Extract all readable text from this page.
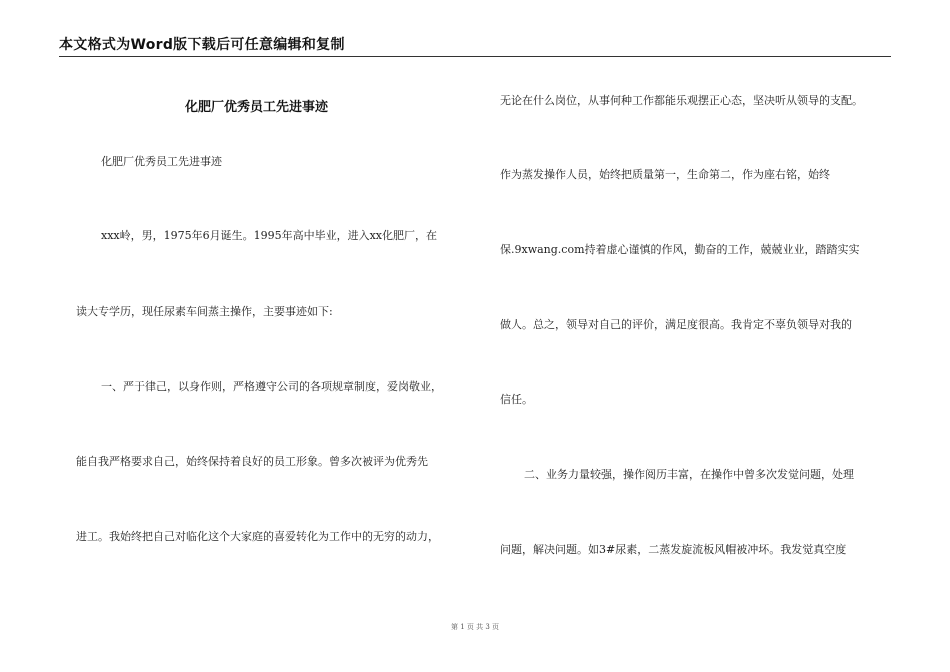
本文格式为Word版下载后可任意编辑和复制
化肥厂优秀员工先进事迹
化肥厂优秀员工先进事迹
xxx岭，男，1975年6月诞生。1995年高中毕业，进入xx化肥厂，在
读大专学历，现任尿素车间蒸主操作，主要事迹如下:
一、严于律己，以身作则，严格遵守公司的各项规章制度，爱岗敬业，
能自我严格要求自己，始终保持着良好的员工形象。曾多次被评为优秀先
进工。我始终把自己对临化这个大家庭的喜爱转化为工作中的无穷的动力，
无论在什么岗位，从事何种工作都能乐观摆正心态，坚决听从领导的支配。
作为蒸发操作人员，始终把质量第一，生命第二，作为座右铭，始终
保.9xwang.com持着虚心谨慎的作风，勤奋的工作，兢兢业业，踏踏实实
做人。总之，领导对自己的评价，满足度很高。我肯定不辜负领导对我的
信任。
二、业务力量较强，操作阅历丰富，在操作中曾多次发觉问题，处理
问题，解决问题。如3#尿素，二蒸发旋流板风帽被冲坏。我发觉真空度
第 1 页 共 3 页
